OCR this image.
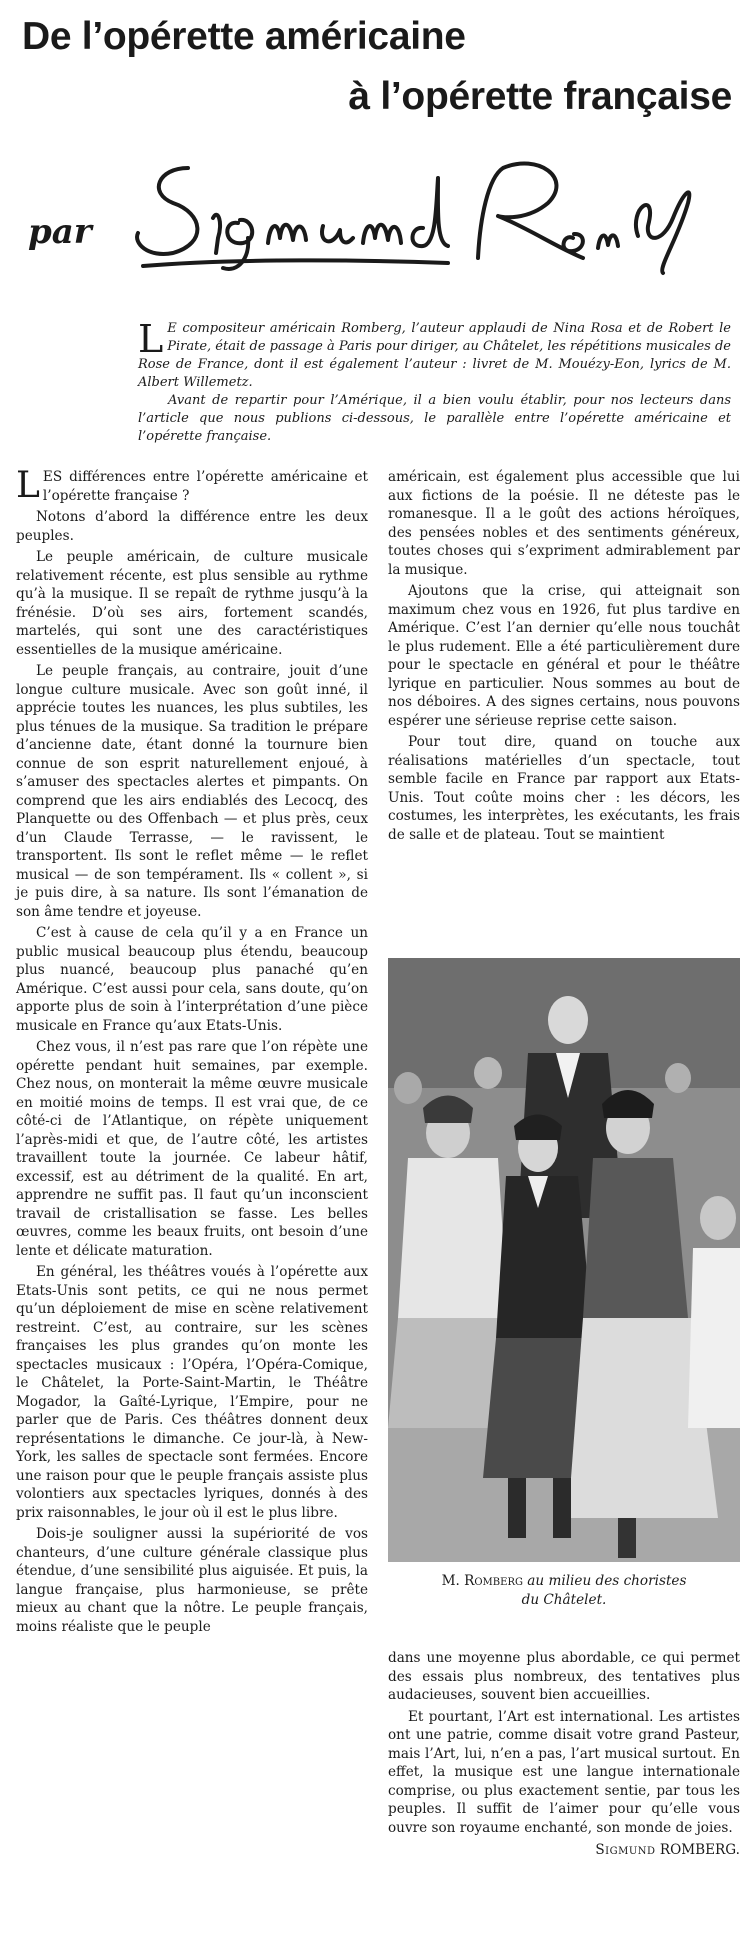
De l’opérette américaine
à l’opérette française
par

L E compositeur américain Romberg, l’auteur applaudi de Nina Rosa et de Robert le Pirate, était de passage à Paris pour diriger, au Châtelet, les répétitions musicales de Rose de France, dont il est également l’auteur : livret de M. Mouézy-Eon, lyrics de M. Albert Willemetz.

Avant de repartir pour l’Amérique, il a bien voulu établir, pour nos lecteurs dans l’article que nous publions ci-dessous, le parallèle entre l’opérette américaine et l’opérette française.

LES différences entre l’opérette américaine et l’opérette française ?

Notons d’abord la différence entre les deux peuples.

Le peuple américain, de culture musicale relativement récente, est plus sensible au rythme qu’à la musique. Il se repaît de rythme jusqu’à la frénésie. D’où ses airs, fortement scandés, martelés, qui sont une des caractéristiques essentielles de la musique américaine.

Le peuple français, au contraire, jouit d’une longue culture musicale. Avec son goût inné, il apprécie toutes les nuances, les plus subtiles, les plus ténues de la musique. Sa tradition le prépare d’ancienne date, étant donné la tournure bien connue de son esprit naturellement enjoué, à s’amuser des spectacles alertes et pimpants. On comprend que les airs endiablés des Lecocq, des Planquette ou des Offenbach — et plus près, ceux d’un Claude Terrasse, — le ravissent, le transportent. Ils sont le reflet même — le reflet musical — de son tempérament. Ils « collent », si je puis dire, à sa nature. Ils sont l’émanation de son âme tendre et joyeuse.

C’est à cause de cela qu’il y a en France un public musical beaucoup plus étendu, beaucoup plus nuancé, beaucoup plus panaché qu’en Amérique. C’est aussi pour cela, sans doute, qu’on apporte plus de soin à l’interprétation d’une pièce musicale en France qu’aux Etats-Unis.

Chez vous, il n’est pas rare que l’on répète une opérette pendant huit semaines, par exemple. Chez nous, on monterait la même œuvre musicale en moitié moins de temps. Il est vrai que, de ce côté-ci de l’Atlantique, on répète uniquement l’après-midi et que, de l’autre côté, les artistes travaillent toute la journée. Ce labeur hâtif, excessif, est au détriment de la qualité. En art, apprendre ne suffit pas. Il faut qu’un inconscient travail de cristallisation se fasse. Les belles œuvres, comme les beaux fruits, ont besoin d’une lente et délicate maturation.

En général, les théâtres voués à l’opérette aux Etats-Unis sont petits, ce qui ne nous permet qu’un déploiement de mise en scène relativement restreint. C’est, au contraire, sur les scènes françaises les plus grandes qu’on monte les spectacles musicaux : l’Opéra, l’Opéra-Comique, le Châtelet, la Porte-Saint-Martin, le Théâtre Mogador, la Gaîté-Lyrique, l’Empire, pour ne parler que de Paris. Ces théâtres donnent deux représentations le dimanche. Ce jour-là, à New-York, les salles de spectacle sont fermées. Encore une raison pour que le peuple français assiste plus volontiers aux spectacles lyriques, donnés à des prix raisonnables, le jour où il est le plus libre.

Dois-je souligner aussi la supériorité de vos chanteurs, d’une culture générale classique plus étendue, d’une sensibilité plus aiguisée. Et puis, la langue française, plus harmonieuse, se prête mieux au chant que la nôtre. Le peuple français, moins réaliste que le peuple

américain, est également plus accessible que lui aux fictions de la poésie. Il ne déteste pas le romanesque. Il a le goût des actions héroïques, des pensées nobles et des sentiments généreux, toutes choses qui s’expriment admirablement par la musique.

Ajoutons que la crise, qui atteignait son maximum chez vous en 1926, fut plus tardive en Amérique. C’est l’an dernier qu’elle nous touchât le plus rudement. Elle a été particulièrement dure pour le spectacle en général et pour le théâtre lyrique en particulier. Nous sommes au bout de nos déboires. A des signes certains, nous pouvons espérer une sérieuse reprise cette saison.

Pour tout dire, quand on touche aux réalisations matérielles d’un spectacle, tout semble facile en France par rapport aux Etats-Unis. Tout coûte moins cher : les décors, les costumes, les interprètes, les exécutants, les frais de salle et de plateau. Tout se maintient

M. Romberg au milieu des choristes
du Châtelet.

dans une moyenne plus abordable, ce qui permet des essais plus nombreux, des tentatives plus audacieuses, souvent bien accueillies.

Et pourtant, l’Art est international. Les artistes ont une patrie, comme disait votre grand Pasteur, mais l’Art, lui, n’en a pas, l’art musical surtout. En effet, la musique est une langue internationale comprise, ou plus exactement sentie, par tous les peuples. Il suffit de l’aimer pour qu’elle vous ouvre son royaume enchanté, son monde de joies.

Sigmund ROMBERG.
